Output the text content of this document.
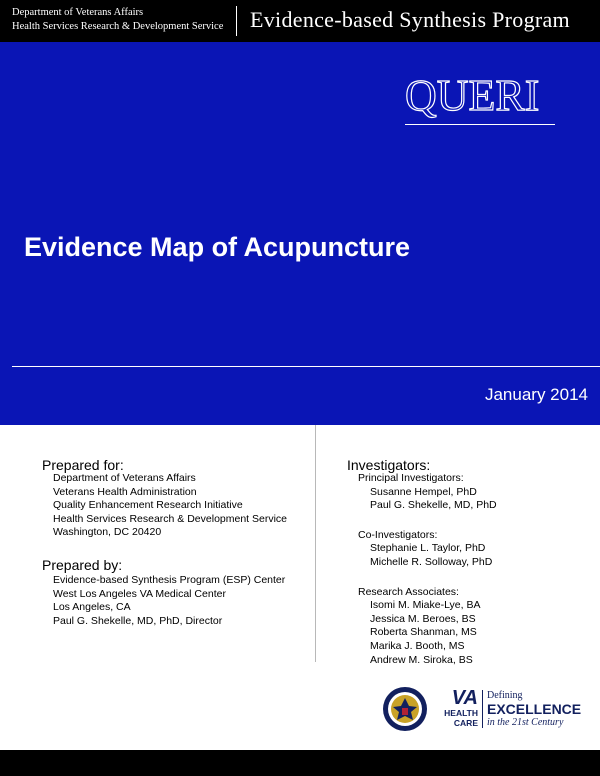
Department of Veterans Affairs
Health Services Research & Development Service Evidence-based Synthesis Program
QUERI
Evidence Map of Acupuncture
January 2014
Prepared for:
Department of Veterans Affairs
Veterans Health Administration
Quality Enhancement Research Initiative
Health Services Research & Development Service
Washington, DC 20420
Prepared by:
Evidence-based Synthesis Program (ESP) Center
West Los Angeles VA Medical Center
Los Angeles, CA
Paul G. Shekelle, MD, PhD, Director
Investigators:
Principal Investigators:
Susanne Hempel, PhD
Paul G. Shekelle, MD, PhD
Co-Investigators:
Stephanie L. Taylor, PhD
Michelle R. Solloway, PhD
Research Associates:
Isomi M. Miake-Lye, BA
Jessica M. Beroes, BS
Roberta Shanman, MS
Marika J. Booth, MS
Andrew M. Siroka, BS
VA
HEALTH
CARE
Defining
EXCELLENCE
in the 21st Century
